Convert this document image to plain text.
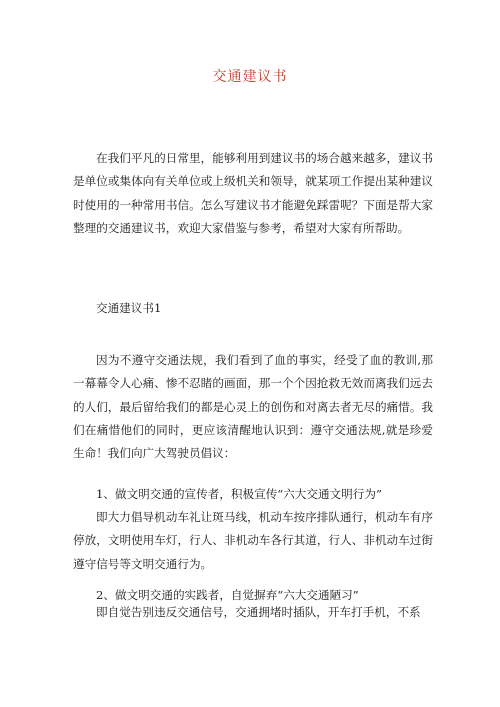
交通建议书

在我们平凡的日常里，能够利用到建议书的场合越来越多，建议书是单位或集体向有关单位或上级机关和领导，就某项工作提出某种建议时使用的一种常用书信。怎么写建议书才能避免踩雷呢？下面是帮大家整理的交通建议书，欢迎大家借鉴与参考，希望对大家有所帮助。

交通建议书1

因为不遵守交通法规，我们看到了血的事实，经受了血的教训,那一幕幕令人心痛、惨不忍睹的画面，那一个个因抢救无效而离我们远去的人们，最后留给我们的都是心灵上的创伤和对离去者无尽的痛惜。我们在痛惜他们的同时，更应该清醒地认识到：遵守交通法规,就是珍爱生命！我们向广大驾驶员倡议：

1、做文明交通的宣传者，积极宣传“六大交通文明行为”

即大力倡导机动车礼让斑马线，机动车按序排队通行，机动车有序停放，文明使用车灯，行人、非机动车各行其道，行人、非机动车过街遵守信号等文明交通行为。

2、做文明交通的实践者，自觉摒弃“六大交通陋习”

即自觉告别违反交通信号，交通拥堵时插队，开车打手机，不系
